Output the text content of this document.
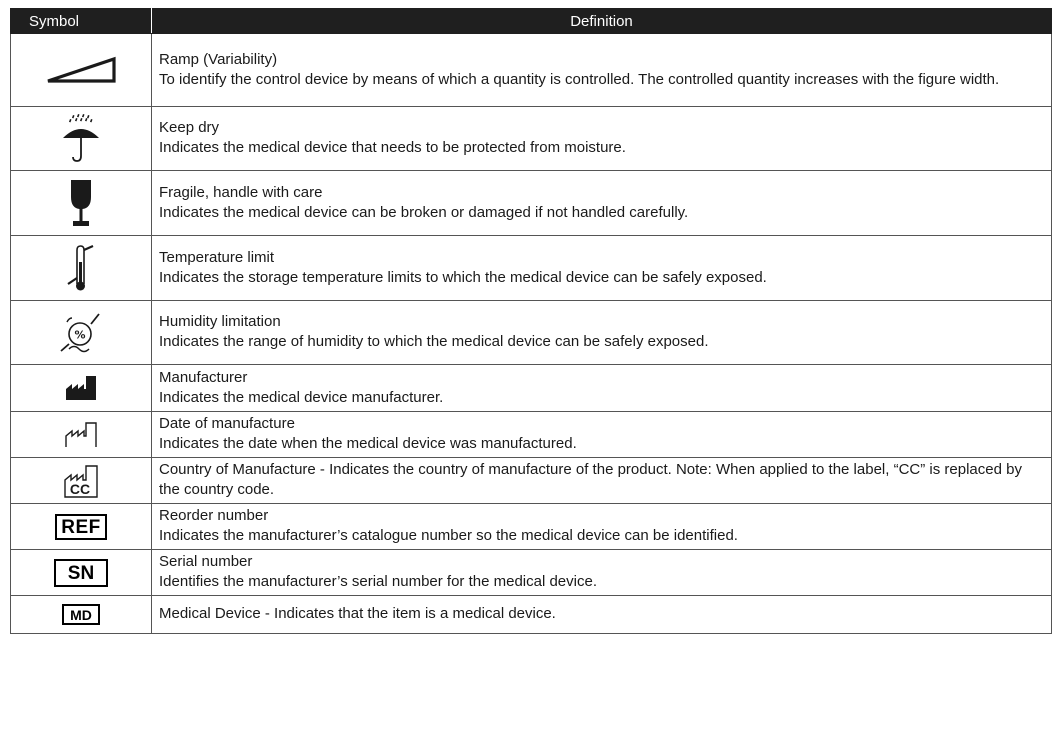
Symbol	Definition

Ramp (Variability)
To identify the control device by means of which a quantity is controlled. The controlled quantity increases with the figure width.

Keep dry
Indicates the medical device that needs to be protected from moisture.

Fragile, handle with care
Indicates the medical device can be broken or damaged if not handled carefully.

Temperature limit
Indicates the storage temperature limits to which the medical device can be safely exposed.

%	Humidity limitation
Indicates the range of humidity to which the medical device can be safely exposed.

Manufacturer
Indicates the medical device manufacturer.

Date of manufacture
Indicates the date when the medical device was manufactured.

CC	Country of Manufacture - Indicates the country of manufacture of the product. Note: When applied to the label, “CC” is replaced by the country code.

REF	Reorder number
Indicates the manufacturer’s catalogue number so the medical device can be identified.

SN	Serial number
Identifies the manufacturer’s serial number for the medical device.

MD	Medical Device - Indicates that the item is a medical device.
